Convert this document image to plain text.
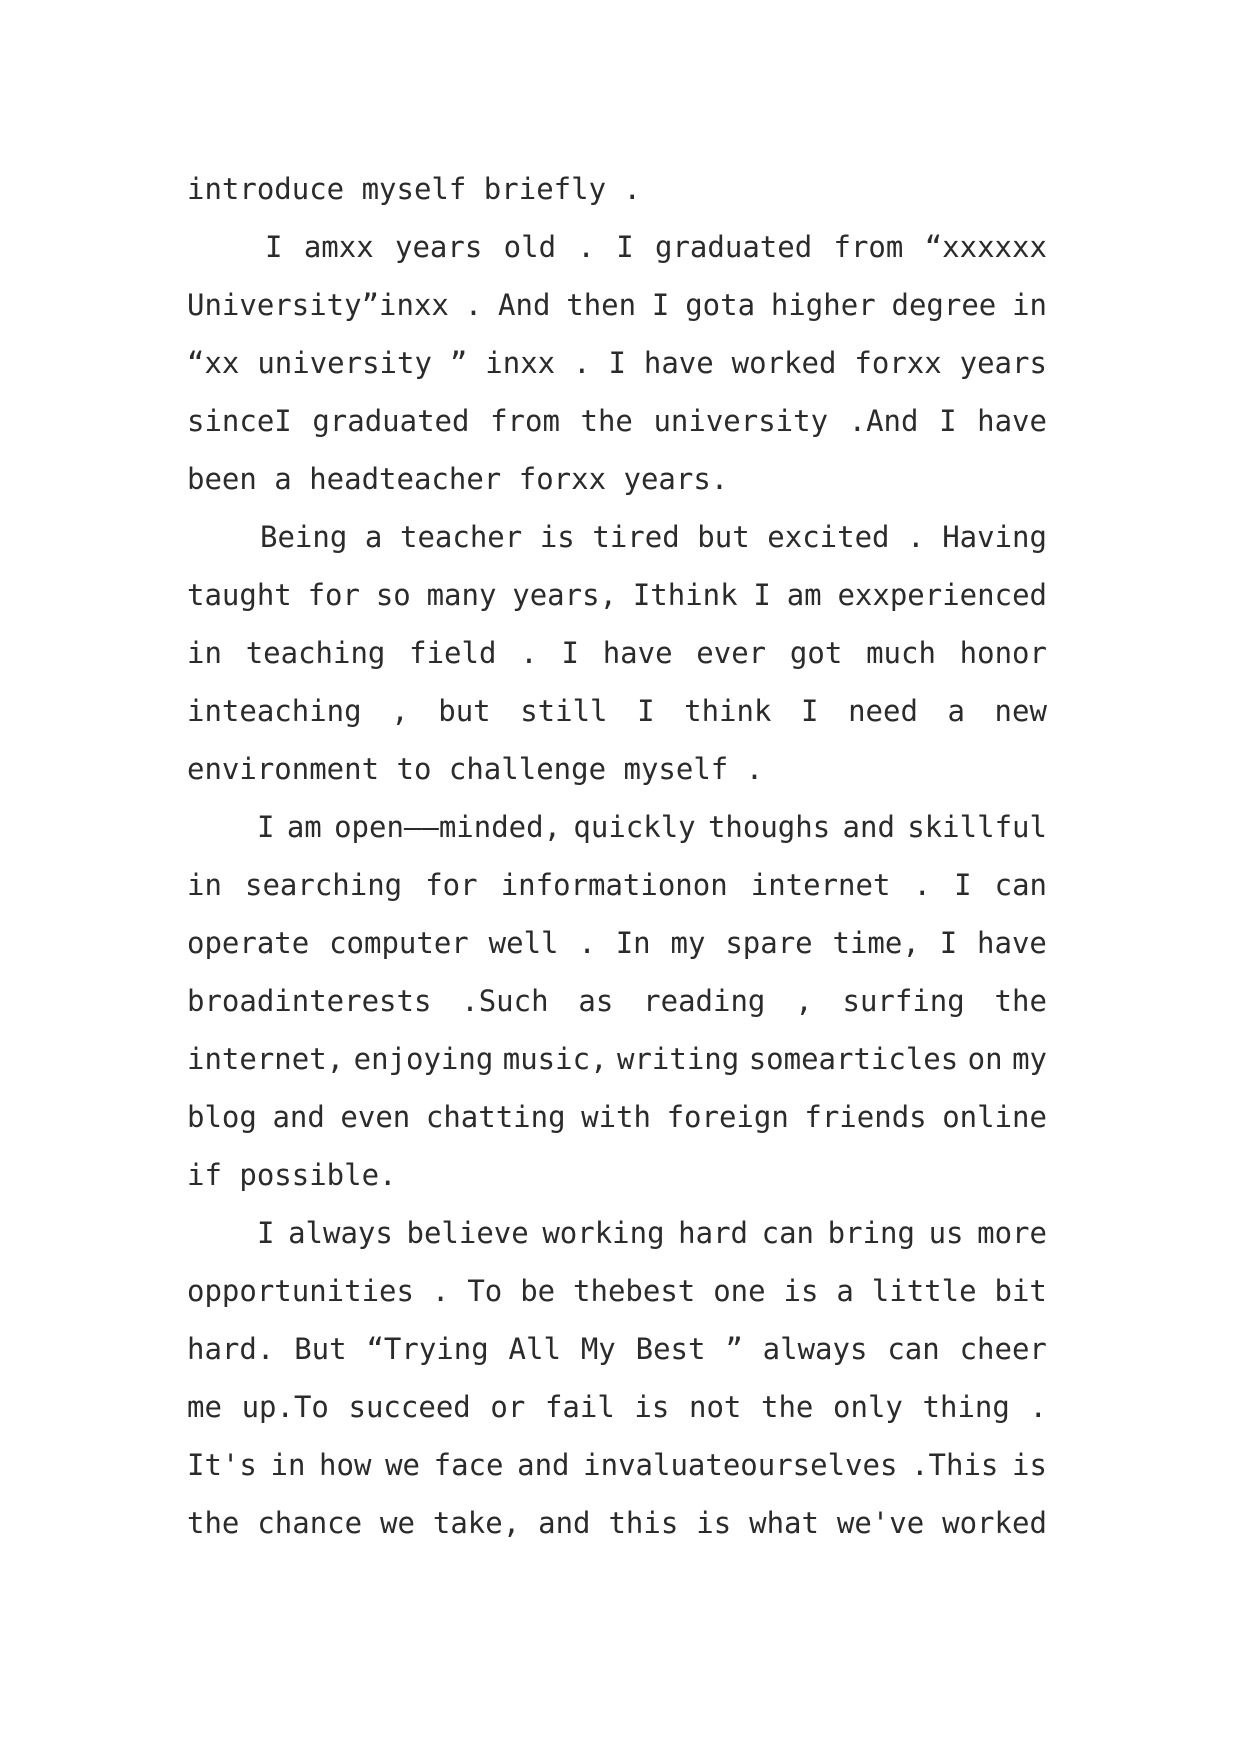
introduce myself briefly .
I amxx years old . I graduated from “xxxxxx
University”inxx . And then I gota higher degree in
“xx university ” inxx . I have worked forxx years
sinceI graduated from the university .And I have
been a headteacher forxx years.
Being a teacher is tired but excited . Having
taught for so many years, Ithink I am exxperienced
in teaching field . I have ever got much honor
inteaching , but still I think I need a new
environment to challenge myself .
I am open——minded, quickly thoughs and skillful
in searching for informationon internet . I can
operate computer well . In my spare time, I have
broadinterests .Such as reading , surfing the
internet, enjoying music, writing somearticles on my
blog and even chatting with foreign friends online
if possible.
I always believe working hard can bring us more
opportunities . To be thebest one is a little bit
hard. But “Trying All My Best ” always can cheer
me up.To succeed or fail is not the only thing .
It's in how we face and invaluateourselves .This is
the chance we take, and this is what we've worked
